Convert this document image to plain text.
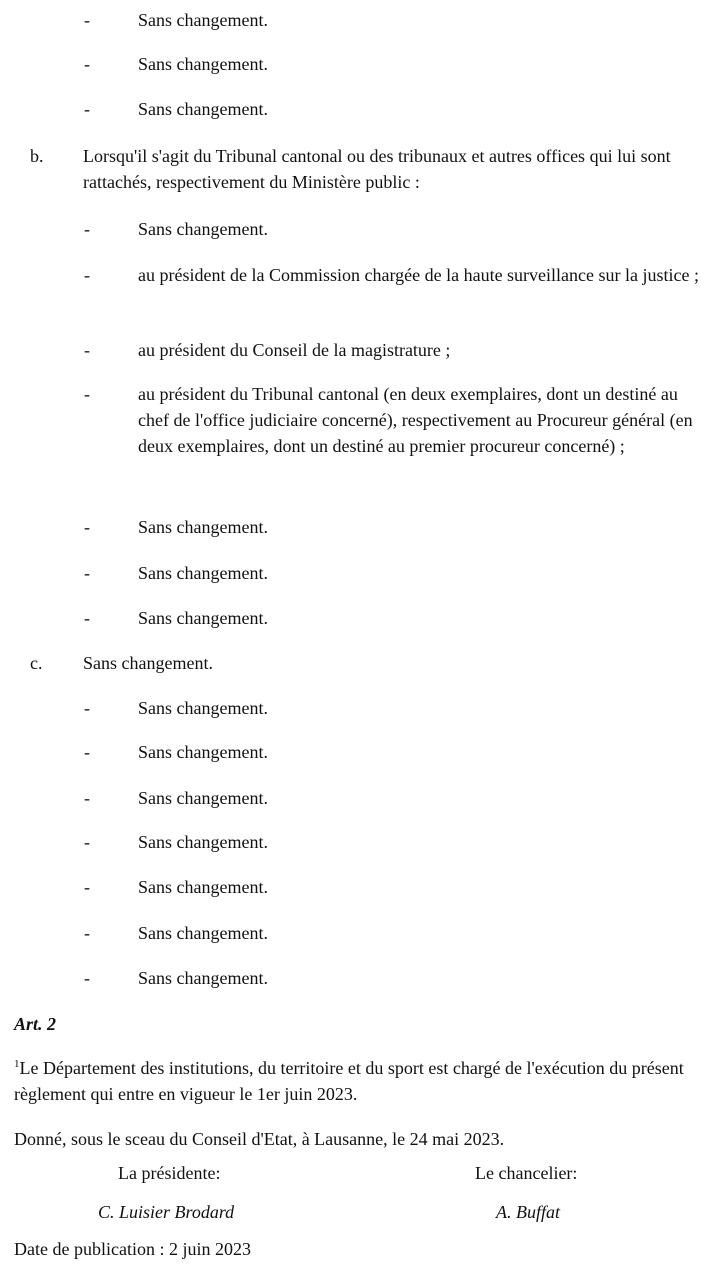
-	Sans changement.
-	Sans changement.
-	Sans changement.
b. Lorsqu'il s'agit du Tribunal cantonal ou des tribunaux et autres offices qui lui sont rattachés, respectivement du Ministère public :
-	Sans changement.
-	au président de la Commission chargée de la haute surveillance sur la justice ;
-	au président du Conseil de la magistrature ;
-	au président du Tribunal cantonal (en deux exemplaires, dont un destiné au chef de l'office judiciaire concerné), respectivement au Procureur général (en deux exemplaires, dont un destiné au premier procureur concerné) ;
-	Sans changement.
-	Sans changement.
-	Sans changement.
c. Sans changement.
-	Sans changement.
-	Sans changement.
-	Sans changement.
-	Sans changement.
-	Sans changement.
-	Sans changement.
-	Sans changement.
Art. 2
$^1$Le Département des institutions, du territoire et du sport est chargé de l'exécution du présent règlement qui entre en vigueur le 1er juin 2023.
Donné, sous le sceau du Conseil d'Etat, à Lausanne, le 24 mai 2023.
La présidente:
C. Luisier Brodard
Le chancelier:
A. Buffat
Date de publication : 2 juin 2023
